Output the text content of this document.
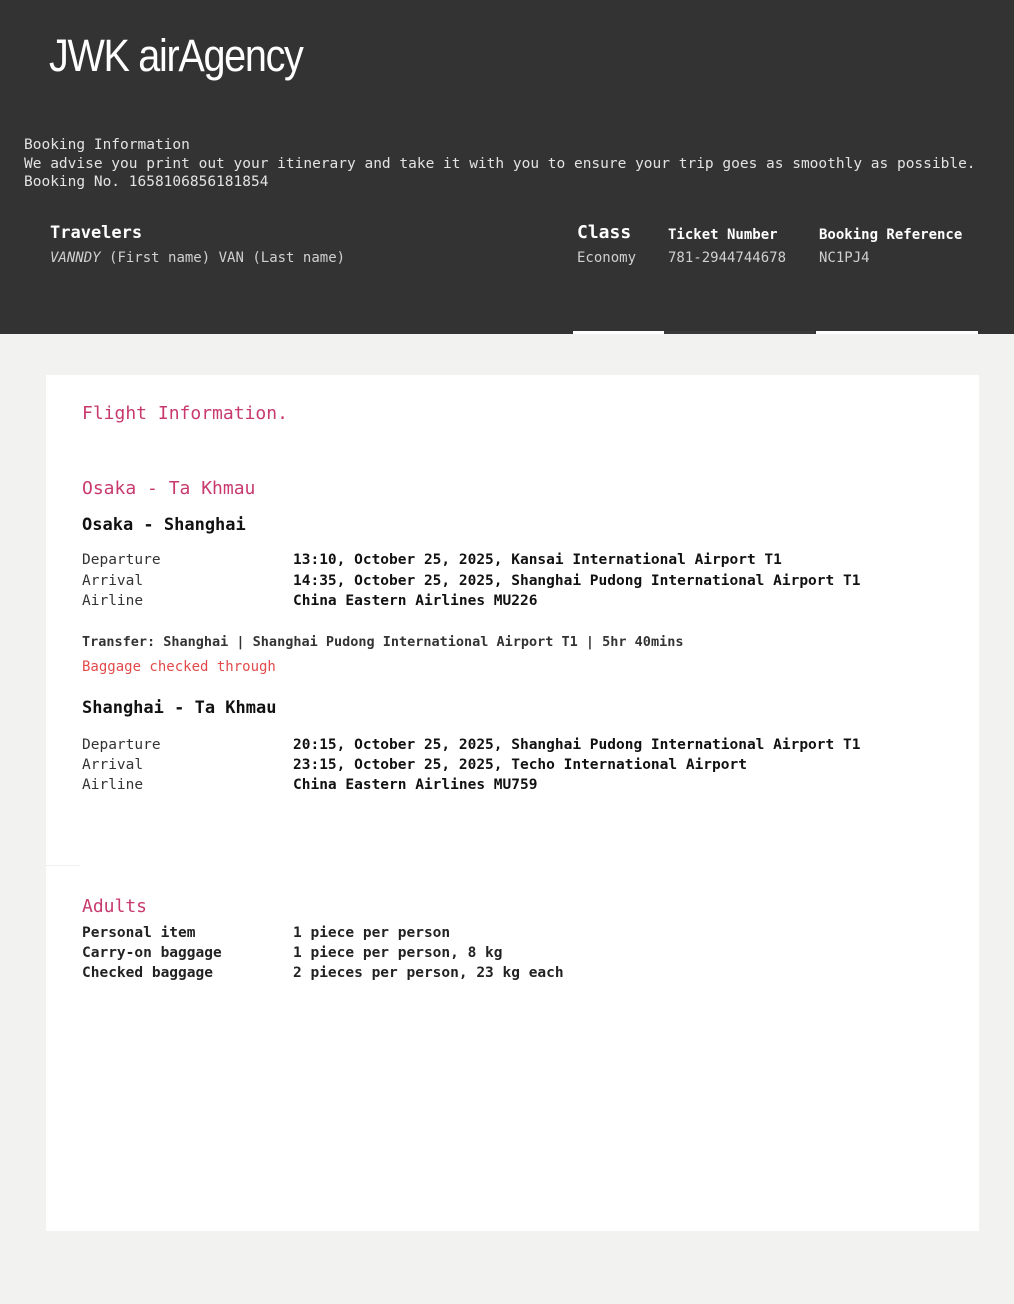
JWK airAgency
Booking Information
We advise you print out your itinerary and take it with you to ensure your trip goes as smoothly as possible.
Booking No. 1658106856181854
Travelers
VANNDY (First name) VAN (Last name)
Class
Economy
Ticket Number
781-2944744678
Booking Reference
NC1PJ4
Flight Information.
Osaka - Ta Khmau
Osaka - Shanghai
Departure	13:10, October 25, 2025, Kansai International Airport T1
Arrival	14:35, October 25, 2025, Shanghai Pudong International Airport T1
Airline	China Eastern Airlines MU226
Transfer: Shanghai | Shanghai Pudong International Airport T1 | 5hr 40mins
Baggage checked through
Shanghai - Ta Khmau
Departure	20:15, October 25, 2025, Shanghai Pudong International Airport T1
Arrival	23:15, October 25, 2025, Techo International Airport
Airline	China Eastern Airlines MU759
Adults
Personal item	1 piece per person
Carry-on baggage	1 piece per person, 8 kg
Checked baggage	2 pieces per person, 23 kg each
